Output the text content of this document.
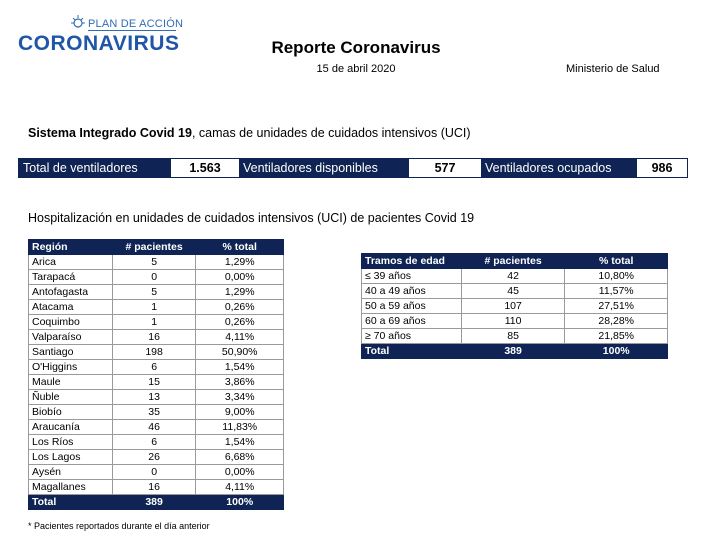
PLAN DE ACCIÓN
CORONAVIRUS	Reporte Coronavirus
15 de abril 2020	Ministerio de Salud
Sistema Integrado Covid 19, camas de unidades de cuidados intensivos (UCI)
Total de ventiladores	1.563	Ventiladores disponibles	577	Ventiladores ocupados	986
Hospitalización en unidades de cuidados intensivos (UCI) de pacientes Covid 19
Región	# pacientes	% total
Arica	5	1,29%
Tarapacá	0	0,00%
Antofagasta	5	1,29%
Atacama	1	0,26%
Coquimbo	1	0,26%
Valparaíso	16	4,11%
Santiago	198	50,90%
O'Higgins	6	1,54%
Maule	15	3,86%
Ñuble	13	3,34%
Biobío	35	9,00%
Araucanía	46	11,83%
Los Ríos	6	1,54%
Los Lagos	26	6,68%
Aysén	0	0,00%
Magallanes	16	4,11%
Total	389	100%
Tramos de edad	# pacientes	% total
≤ 39 años	42	10,80%
40 a 49 años	45	11,57%
50 a 59 años	107	27,51%
60 a 69 años	110	28,28%
≥ 70 años	85	21,85%
Total	389	100%
* Pacientes reportados durante el día anterior
